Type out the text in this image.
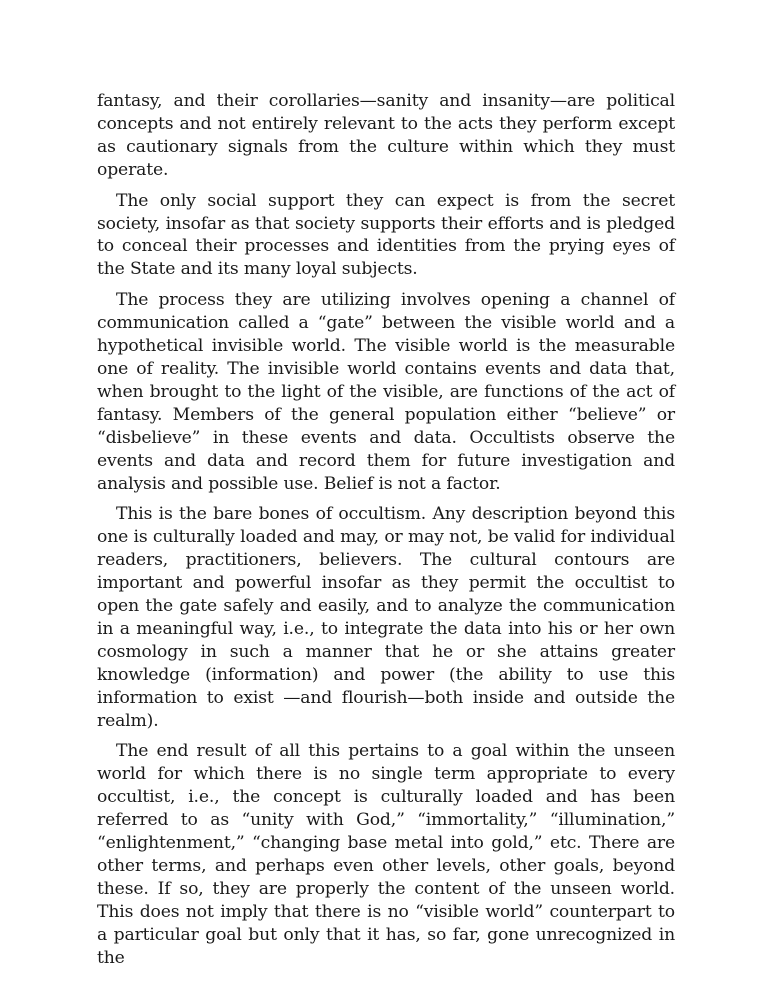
fantasy, and their corollaries—sanity and insanity—are political concepts and not entirely relevant to the acts they perform except as cautionary signals from the culture within which they must operate.

The only social support they can expect is from the secret society, insofar as that society supports their efforts and is pledged to conceal their processes and identities from the prying eyes of the State and its many loyal subjects.

The process they are utilizing involves opening a channel of communication called a “gate” between the visible world and a hypothetical invisible world. The visible world is the measurable one of reality. The invisible world contains events and data that, when brought to the light of the visible, are functions of the act of fantasy. Members of the general population either “believe” or “disbelieve” in these events and data. Occultists observe the events and data and record them for future investigation and analysis and possible use. Belief is not a factor.

This is the bare bones of occultism. Any description beyond this one is culturally loaded and may, or may not, be valid for individual readers, practitioners, believers. The cultural contours are important and powerful insofar as they permit the occultist to open the gate safely and easily, and to analyze the communication in a meaningful way, i.e., to integrate the data into his or her own cosmology in such a manner that he or she attains greater knowledge (information) and power (the ability to use this information to exist —and flourish—both inside and outside the realm).

The end result of all this pertains to a goal within the unseen world for which there is no single term appropriate to every occultist, i.e., the concept is culturally loaded and has been referred to as “unity with God,” “immortality,” “illumination,” “enlightenment,” “changing base metal into gold,” etc. There are other terms, and perhaps even other levels, other goals, beyond these. If so, they are properly the content of the unseen world. This does not imply that there is no “visible world” counterpart to a particular goal but only that it has, so far, gone unrecognized in the
